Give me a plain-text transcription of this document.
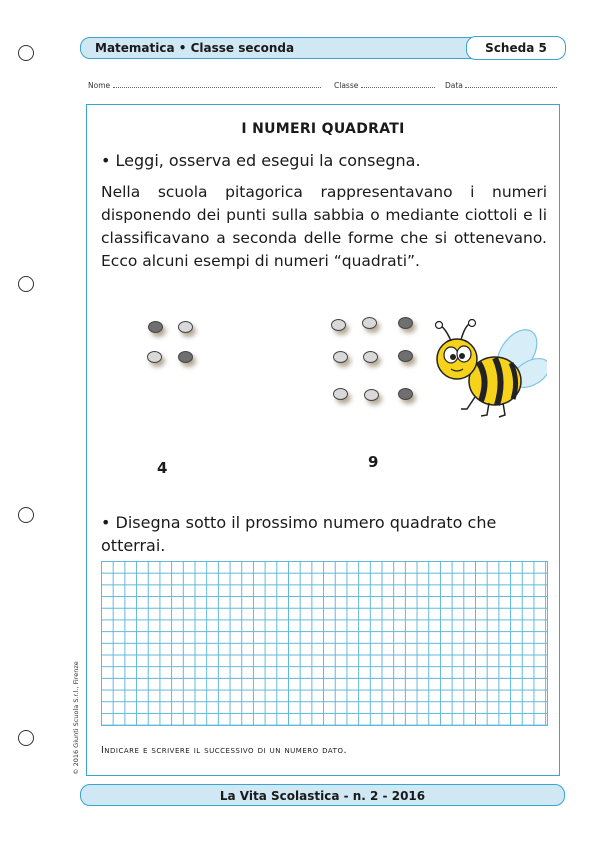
Matematica • Classe seconda	Scheda 5
Nome	Classe	Data
I NUMERI QUADRATI
• Leggi, osserva ed esegui la consegna.
Nella scuola pitagorica rappresentavano i numeri disponendo dei punti sulla sabbia o mediante ciottoli e li classificavano a seconda delle forme che si ottenevano. Ecco alcuni esempi di numeri “quadrati”.
4	9
• Disegna sotto il prossimo numero quadrato che otterrai.
Indicare e scrivere il successivo di un numero dato.
© 2016 Giunti Scuola S.r.l., Firenze
La Vita Scolastica - n. 2 - 2016
